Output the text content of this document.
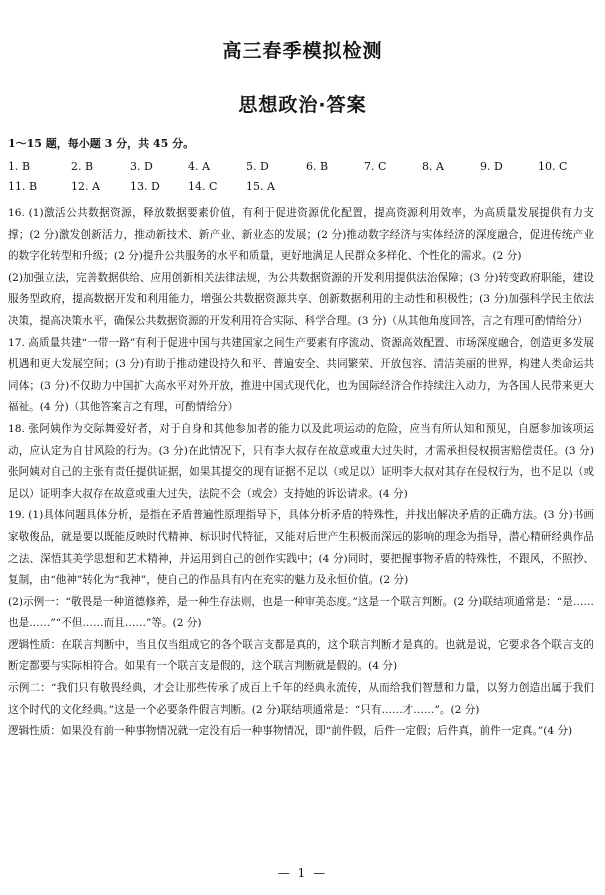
高三春季模拟检测
思想政治·答案
1～15 题，每小题 3 分，共 45 分。
1. B	2. B	3. D	4. A	5. D	6. B	7. C	8. A	9. D	10. C
11. B	12. A	13. D	14. C	15. A

16. (1)激活公共数据资源，释放数据要素价值，有利于促进资源优化配置，提高资源利用效率，为高质量发展提供有力支撑；(2 分)激发创新活力，推动新技术、新产业、新业态的发展；(2 分)推动数字经济与实体经济的深度融合，促进传统产业的数字化转型和升级；(2 分)提升公共服务的水平和质量，更好地满足人民群众多样化、个性化的需求。(2 分)

(2)加强立法，完善数据供给、应用创新相关法律法规，为公共数据资源的开发利用提供法治保障；(3 分)转变政府职能，建设服务型政府，提高数据开发和利用能力，增强公共数据资源共享、创新数据利用的主动性和积极性；(3 分)加强科学民主依法决策，提高决策水平，确保公共数据资源的开发利用符合实际、科学合理。(3 分)（从其他角度回答，言之有理可酌情给分）

17. 高质量共建“一带一路”有利于促进中国与共建国家之间生产要素有序流动、资源高效配置、市场深度融合，创造更多发展机遇和更大发展空间；(3 分)有助于推动建设持久和平、普遍安全、共同繁荣、开放包容、清洁美丽的世界，构建人类命运共同体；(3 分)不仅助力中国扩大高水平对外开放，推进中国式现代化，也为国际经济合作持续注入动力，为各国人民带来更大福祉。(4 分)（其他答案言之有理，可酌情给分）

18. 张阿姨作为交际舞爱好者，对于自身和其他参加者的能力以及此项运动的危险，应当有所认知和预见，自愿参加该项运动，应认定为自甘风险的行为。(3 分)在此情况下，只有李大叔存在故意或重大过失时，才需承担侵权损害赔偿责任。(3 分)张阿姨对自己的主张有责任提供证据，如果其提交的现有证据不足以（或足以）证明李大叔对其存在侵权行为，也不足以（或足以）证明李大叔存在故意或重大过失，法院不会（或会）支持她的诉讼请求。(4 分)

19. (1)具体问题具体分析，是指在矛盾普遍性原理指导下，具体分析矛盾的特殊性，并找出解决矛盾的正确方法。(3 分)书画家敬俊品，就是要以既能反映时代精神、标识时代特征，又能对后世产生积极而深远的影响的理念为指导，潜心精研经典作品之法、深悟其美学思想和艺术精神，并运用到自己的创作实践中；(4 分)同时，要把握事物矛盾的特殊性，不跟风，不照抄、复制，由“他神”转化为“我神”，使自己的作品具有内在充实的魅力及永恒价值。(2 分)

(2)示例一：“敬畏是一种道德修养，是一种生存法则，也是一种审美态度。”这是一个联言判断。(2 分)联结项通常是：“是……也是……”“不但……而且……”等。(2 分)

逻辑性质：在联言判断中，当且仅当组成它的各个联言支都是真的，这个联言判断才是真的。也就是说，它要求各个联言支的断定都要与实际相符合。如果有一个联言支是假的，这个联言判断就是假的。(4 分)

示例二：“我们只有敬畏经典，才会让那些传承了成百上千年的经典永流传，从而给我们智慧和力量，以努力创造出属于我们这个时代的文化经典。”这是一个必要条件假言判断。(2 分)联结项通常是：“只有……才……”。(2 分)

逻辑性质：如果没有前一种事物情况就一定没有后一种事物情况，即“前件假，后件一定假；后件真，前件一定真。”(4 分)

— 1 —
